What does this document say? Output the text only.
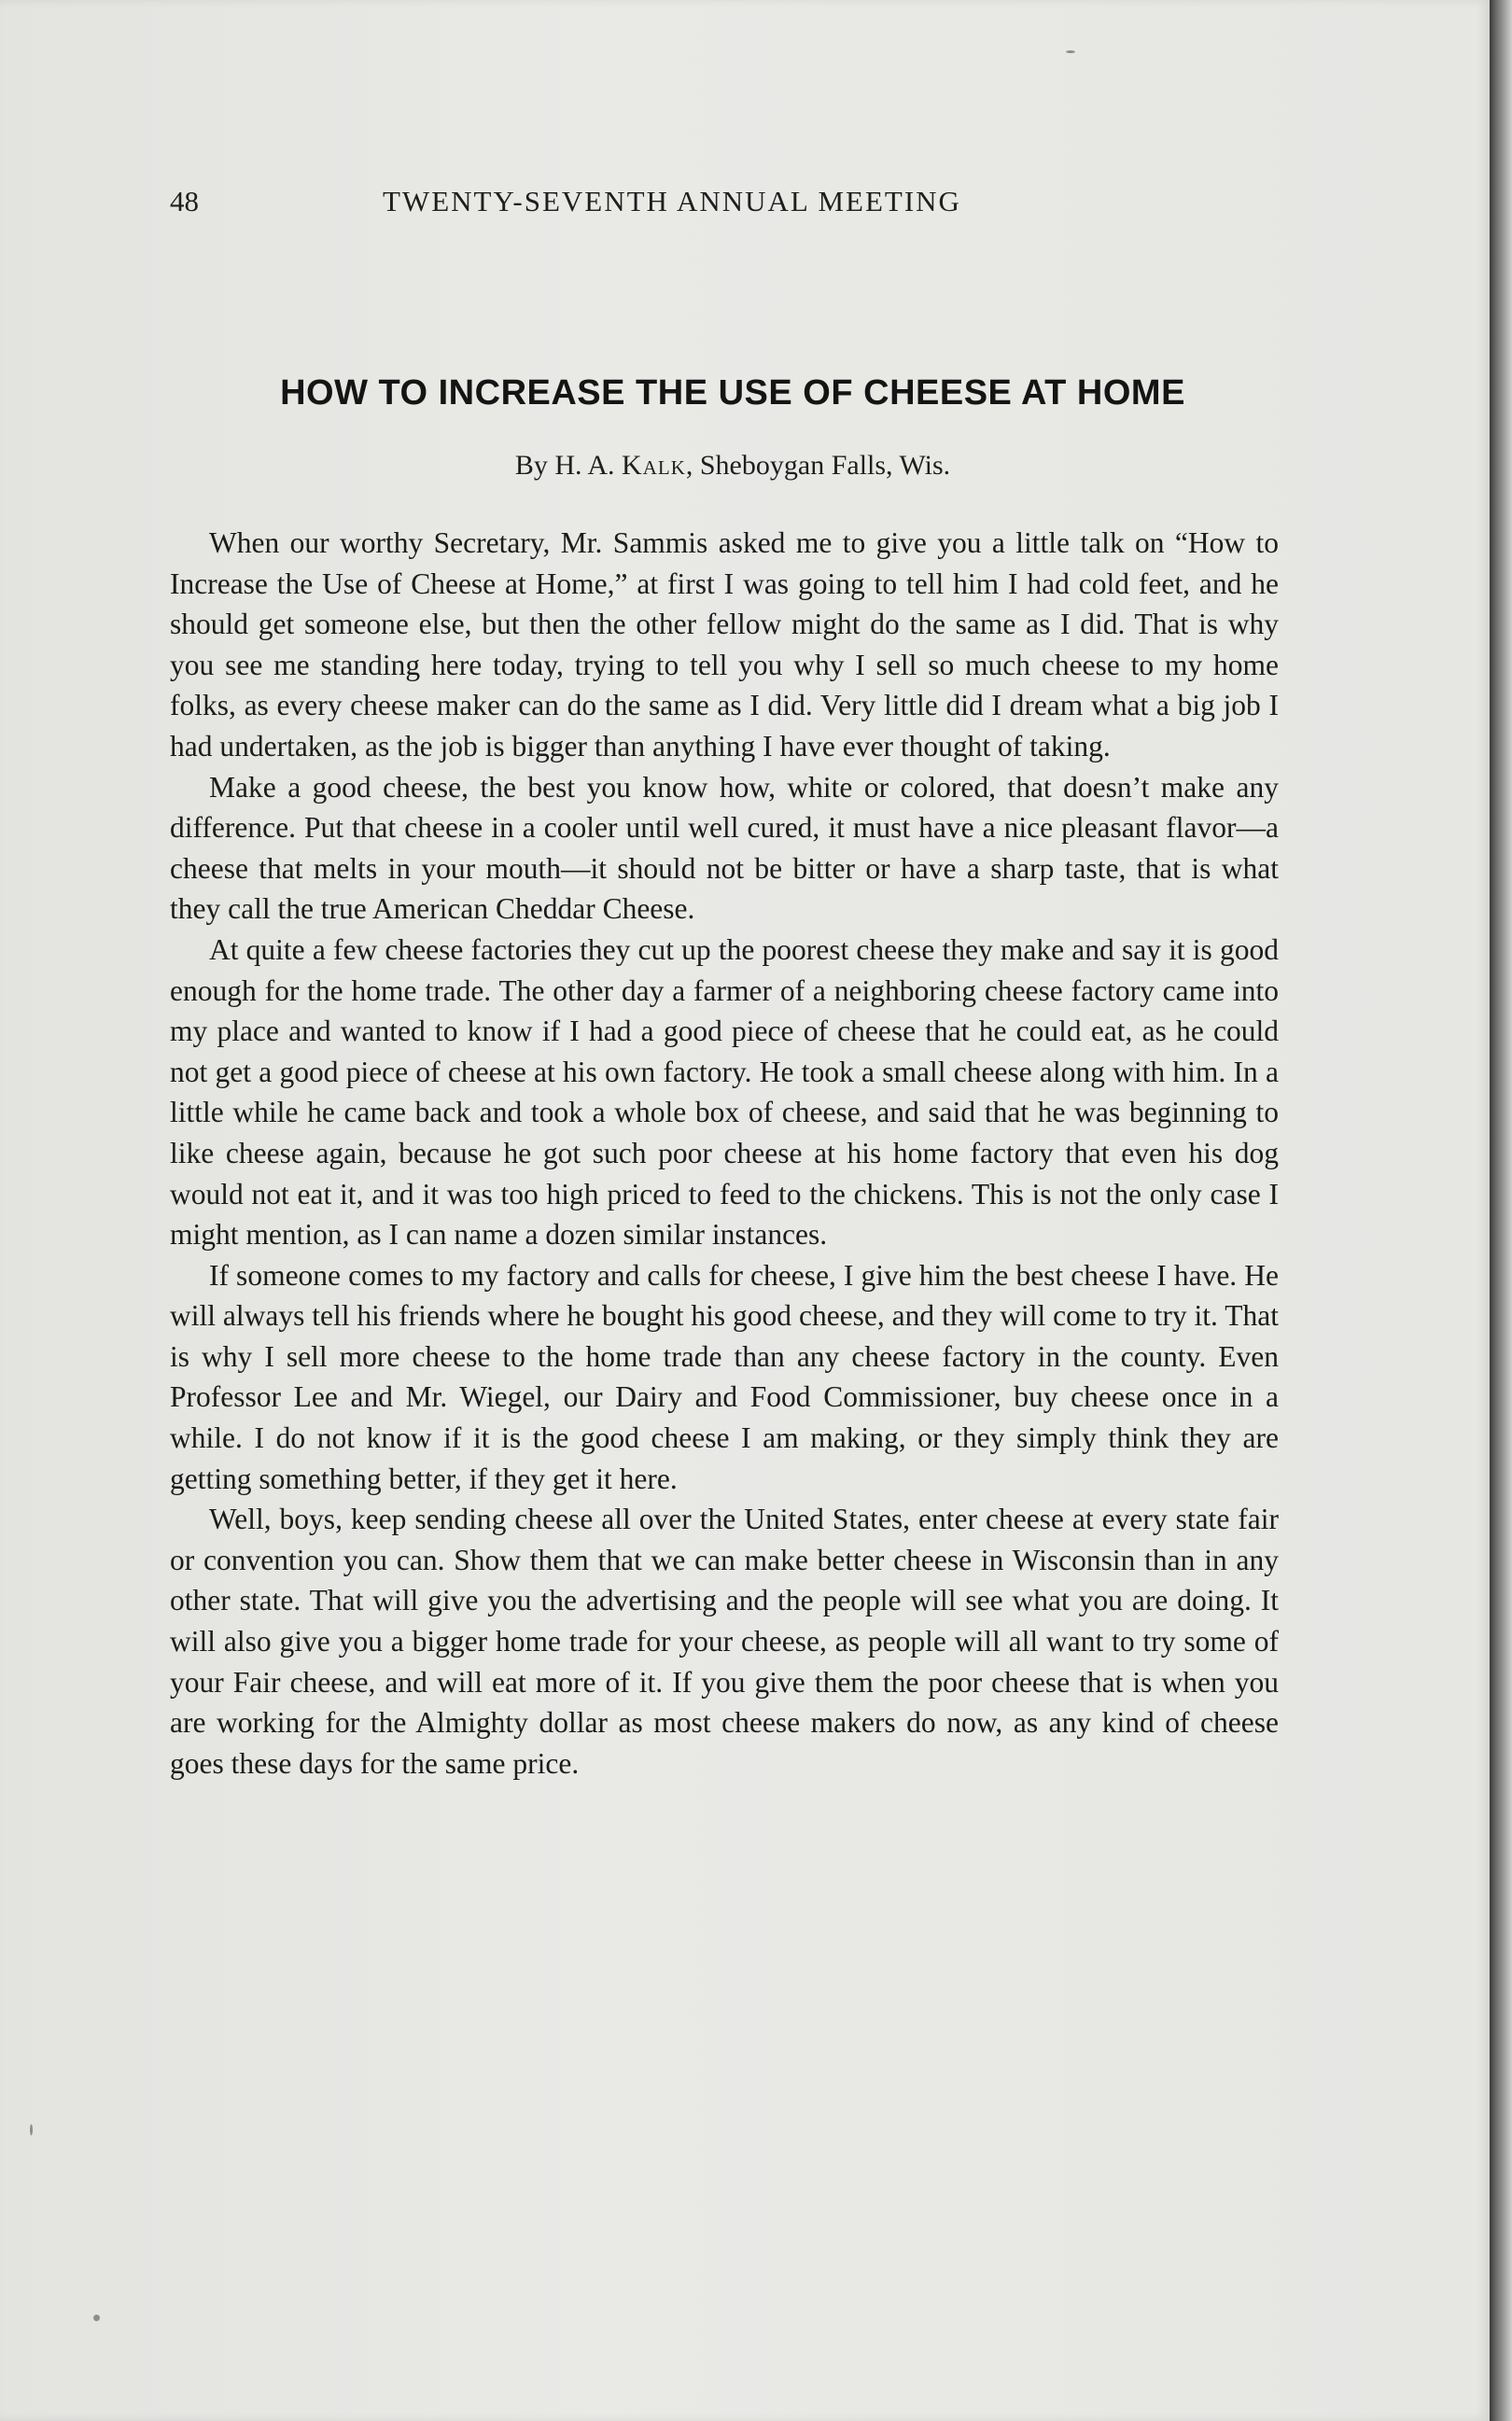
48	TWENTY-SEVENTH ANNUAL MEETING
HOW TO INCREASE THE USE OF CHEESE AT HOME
By H. A. Kalk, Sheboygan Falls, Wis.

When our worthy Secretary, Mr. Sammis asked me to give you a little talk on “How to Increase the Use of Cheese at Home,” at first I was going to tell him I had cold feet, and he should get someone else, but then the other fellow might do the same as I did. That is why you see me standing here today, trying to tell you why I sell so much cheese to my home folks, as every cheese maker can do the same as I did. Very little did I dream what a big job I had undertaken, as the job is bigger than anything I have ever thought of taking.

Make a good cheese, the best you know how, white or colored, that doesn’t make any difference. Put that cheese in a cooler until well cured, it must have a nice pleasant flavor—a cheese that melts in your mouth—it should not be bitter or have a sharp taste, that is what they call the true American Cheddar Cheese.

At quite a few cheese factories they cut up the poorest cheese they make and say it is good enough for the home trade. The other day a farmer of a neighboring cheese factory came into my place and wanted to know if I had a good piece of cheese that he could eat, as he could not get a good piece of cheese at his own factory. He took a small cheese along with him. In a little while he came back and took a whole box of cheese, and said that he was beginning to like cheese again, because he got such poor cheese at his home factory that even his dog would not eat it, and it was too high priced to feed to the chickens. This is not the only case I might mention, as I can name a dozen similar instances.

If someone comes to my factory and calls for cheese, I give him the best cheese I have. He will always tell his friends where he bought his good cheese, and they will come to try it. That is why I sell more cheese to the home trade than any cheese factory in the county. Even Professor Lee and Mr. Wiegel, our Dairy and Food Commissioner, buy cheese once in a while. I do not know if it is the good cheese I am making, or they simply think they are getting something better, if they get it here.

Well, boys, keep sending cheese all over the United States, enter cheese at every state fair or convention you can. Show them that we can make better cheese in Wisconsin than in any other state. That will give you the advertising and the people will see what you are doing. It will also give you a bigger home trade for your cheese, as people will all want to try some of your Fair cheese, and will eat more of it. If you give them the poor cheese that is when you are working for the Almighty dollar as most cheese makers do now, as any kind of cheese goes these days for the same price.
